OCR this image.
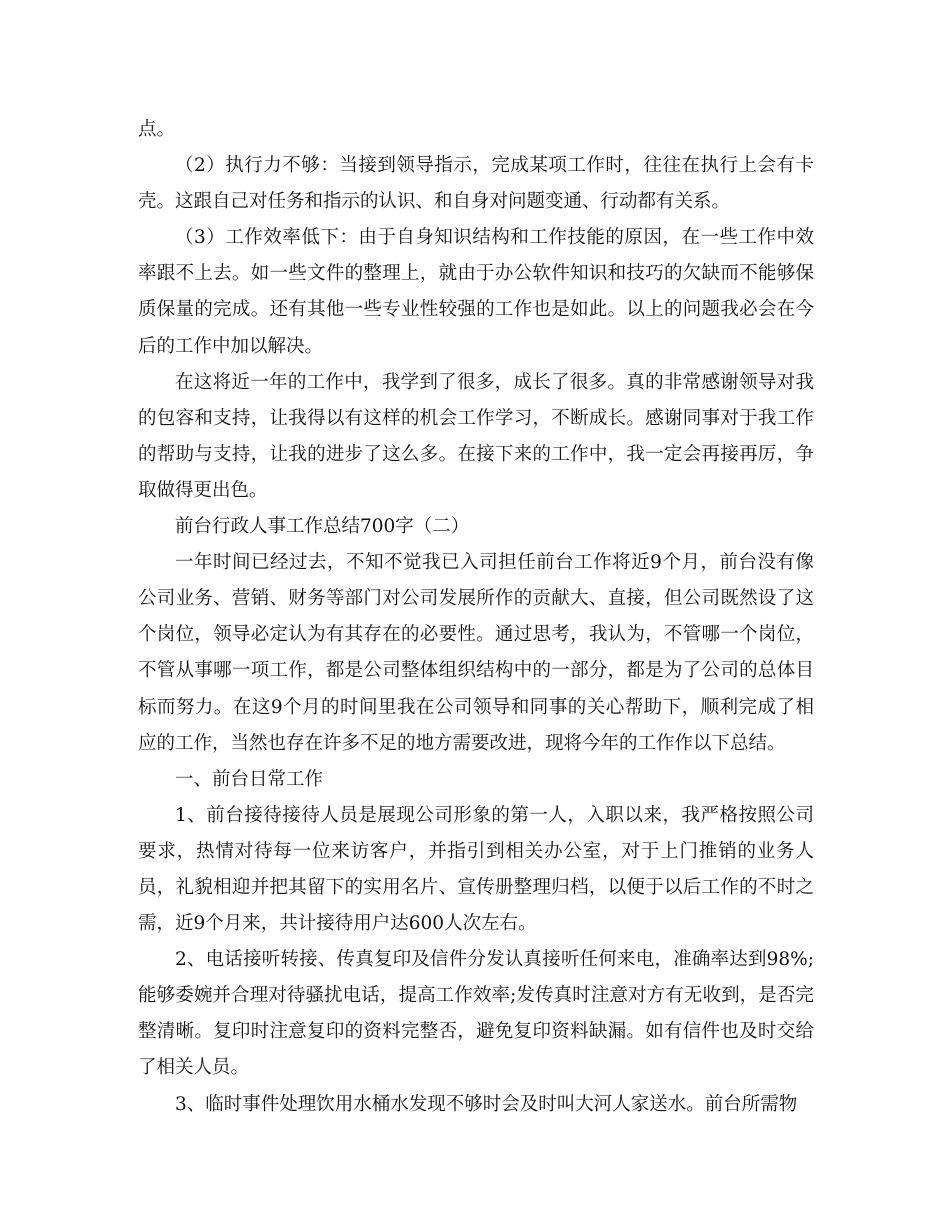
点。

（2）执行力不够：当接到领导指示，完成某项工作时，往往在执行上会有卡壳。这跟自己对任务和指示的认识、和自身对问题变通、行动都有关系。

（3）工作效率低下：由于自身知识结构和工作技能的原因，在一些工作中效率跟不上去。如一些文件的整理上，就由于办公软件知识和技巧的欠缺而不能够保质保量的完成。还有其他一些专业性较强的工作也是如此。以上的问题我必会在今后的工作中加以解决。

在这将近一年的工作中，我学到了很多，成长了很多。真的非常感谢领导对我的包容和支持，让我得以有这样的机会工作学习，不断成长。感谢同事对于我工作的帮助与支持，让我的进步了这么多。在接下来的工作中，我一定会再接再厉，争取做得更出色。

前台行政人事工作总结700字（二）

一年时间已经过去，不知不觉我已入司担任前台工作将近9个月，前台没有像公司业务、营销、财务等部门对公司发展所作的贡献大、直接，但公司既然设了这个岗位，领导必定认为有其存在的必要性。通过思考，我认为，不管哪一个岗位，不管从事哪一项工作，都是公司整体组织结构中的一部分，都是为了公司的总体目标而努力。在这9个月的时间里我在公司领导和同事的关心帮助下，顺利完成了相应的工作，当然也存在许多不足的地方需要改进，现将今年的工作作以下总结。

一、前台日常工作

1、前台接待接待人员是展现公司形象的第一人，入职以来，我严格按照公司要求，热情对待每一位来访客户，并指引到相关办公室，对于上门推销的业务人员，礼貌相迎并把其留下的实用名片、宣传册整理归档，以便于以后工作的不时之需，近9个月来，共计接待用户达600人次左右。

2、电话接听转接、传真复印及信件分发认真接听任何来电，准确率达到98%;能够委婉并合理对待骚扰电话，提高工作效率;发传真时注意对方有无收到，是否完整清晰。复印时注意复印的资料完整否，避免复印资料缺漏。如有信件也及时交给了相关人员。

3、临时事件处理饮用水桶水发现不够时会及时叫大河人家送水。前台所需物
